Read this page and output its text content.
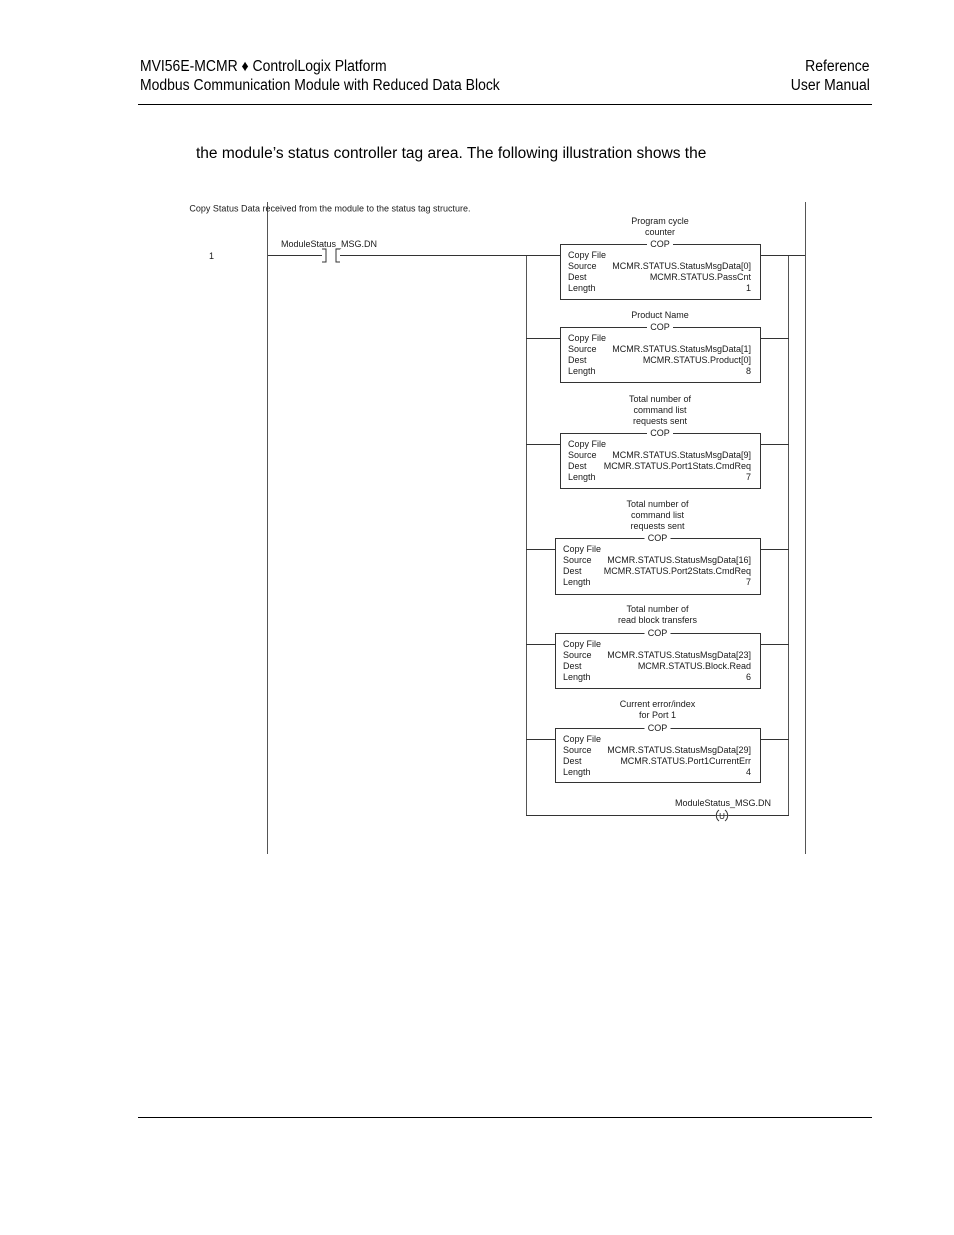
MVI56E-MCMR ♦ ControlLogix Platform
Modbus Communication Module with Reduced Data Block
Reference
User Manual
the module’s status controller tag area. The following illustration shows the
Copy Status Data received from the module to the status tag structure.
1
ModuleStatus_MSG.DN
ModuleStatus_MSG.DN
U
COP
Program cycle
counter
Copy File
Source MCMR.STATUS.StatusMsgData[0]
Dest	MCMR.STATUS.PassCnt
Length	1
COP
Product Name
Copy File
Source MCMR.STATUS.StatusMsgData[1]
Dest	MCMR.STATUS.Product[0]
Length	8
COP
Total number of
command list
requests sent
Copy File
Source MCMR.STATUS.StatusMsgData[9]
Dest MCMR.STATUS.Port1Stats.CmdReq
Length	7
COP
Total number of
command list
requests sent
Copy File
Source MCMR.STATUS.StatusMsgData[16]
Dest MCMR.STATUS.Port2Stats.CmdReq
Length	7
COP
Total number of
read block transfers
Copy File
Source MCMR.STATUS.StatusMsgData[23]
Dest	MCMR.STATUS.Block.Read
Length	6
COP
Current error/index
for Port 1
Copy File
Source MCMR.STATUS.StatusMsgData[29]
Dest	MCMR.STATUS.Port1CurrentErr
Length	4
